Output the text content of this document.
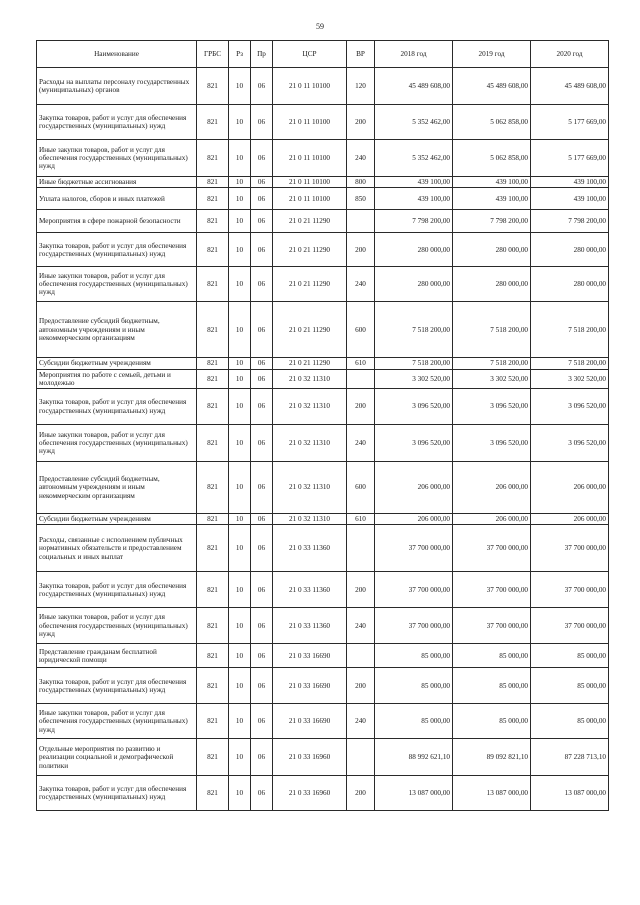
59
Наименование	ГРБС	Рз	Пр	ЦСР	ВР	2018 год	2019 год	2020 год
Расходы на выплаты персоналу государственных (муниципальных) органов	821	10	06	21 0 11 10100	120	45 489 608,00	45 489 608,00	45 489 608,00
Закупка товаров, работ и услуг для обеспечения государственных (муниципальных) нужд	821	10	06	21 0 11 10100	200	5 352 462,00	5 062 858,00	5 177 669,00
Иные закупки товаров, работ и услуг для обеспечения государственных (муниципальных) нужд	821	10	06	21 0 11 10100	240	5 352 462,00	5 062 858,00	5 177 669,00
Иные бюджетные ассигнования	821	10	06	21 0 11 10100	800	439 100,00	439 100,00	439 100,00
Уплата налогов, сборов и иных платежей	821	10	06	21 0 11 10100	850	439 100,00	439 100,00	439 100,00
Мероприятия в сфере пожарной безопасности	821	10	06	21 0 21 11290		7 798 200,00	7 798 200,00	7 798 200,00
Закупка товаров, работ и услуг для обеспечения государственных (муниципальных) нужд	821	10	06	21 0 21 11290	200	280 000,00	280 000,00	280 000,00
Иные закупки товаров, работ и услуг для обеспечения государственных (муниципальных) нужд	821	10	06	21 0 21 11290	240	280 000,00	280 000,00	280 000,00
Предоставление субсидий бюджетным, автономным учреждениям и иным некоммерческим организациям	821	10	06	21 0 21 11290	600	7 518 200,00	7 518 200,00	7 518 200,00
Субсидии бюджетным учреждениям	821	10	06	21 0 21 11290	610	7 518 200,00	7 518 200,00	7 518 200,00
Мероприятия по работе с семьей, детьми и молодежью	821	10	06	21 0 32 11310		3 302 520,00	3 302 520,00	3 302 520,00
Закупка товаров, работ и услуг для обеспечения государственных (муниципальных) нужд	821	10	06	21 0 32 11310	200	3 096 520,00	3 096 520,00	3 096 520,00
Иные закупки товаров, работ и услуг для обеспечения государственных (муниципальных) нужд	821	10	06	21 0 32 11310	240	3 096 520,00	3 096 520,00	3 096 520,00
Предоставление субсидий бюджетным, автономным учреждениям и иным некоммерческим организациям	821	10	06	21 0 32 11310	600	206 000,00	206 000,00	206 000,00
Субсидии бюджетным учреждениям	821	10	06	21 0 32 11310	610	206 000,00	206 000,00	206 000,00
Расходы, связанные с исполнением публичных нормативных обязательств и предоставлением социальных и иных выплат	821	10	06	21 0 33 11360		37 700 000,00	37 700 000,00	37 700 000,00
Закупка товаров, работ и услуг для обеспечения государственных (муниципальных) нужд	821	10	06	21 0 33 11360	200	37 700 000,00	37 700 000,00	37 700 000,00
Иные закупки товаров, работ и услуг для обеспечения государственных (муниципальных) нужд	821	10	06	21 0 33 11360	240	37 700 000,00	37 700 000,00	37 700 000,00
Представление гражданам бесплатной юридической помощи	821	10	06	21 0 33 16690		85 000,00	85 000,00	85 000,00
Закупка товаров, работ и услуг для обеспечения государственных (муниципальных) нужд	821	10	06	21 0 33 16690	200	85 000,00	85 000,00	85 000,00
Иные закупки товаров, работ и услуг для обеспечения государственных (муниципальных) нужд	821	10	06	21 0 33 16690	240	85 000,00	85 000,00	85 000,00
Отдельные мероприятия по развитию и реализации социальной и демографической политики	821	10	06	21 0 33 16960		88 992 621,10	89 092 821,10	87 228 713,10
Закупка товаров, работ и услуг для обеспечения государственных (муниципальных) нужд	821	10	06	21 0 33 16960	200	13 087 000,00	13 087 000,00	13 087 000,00
